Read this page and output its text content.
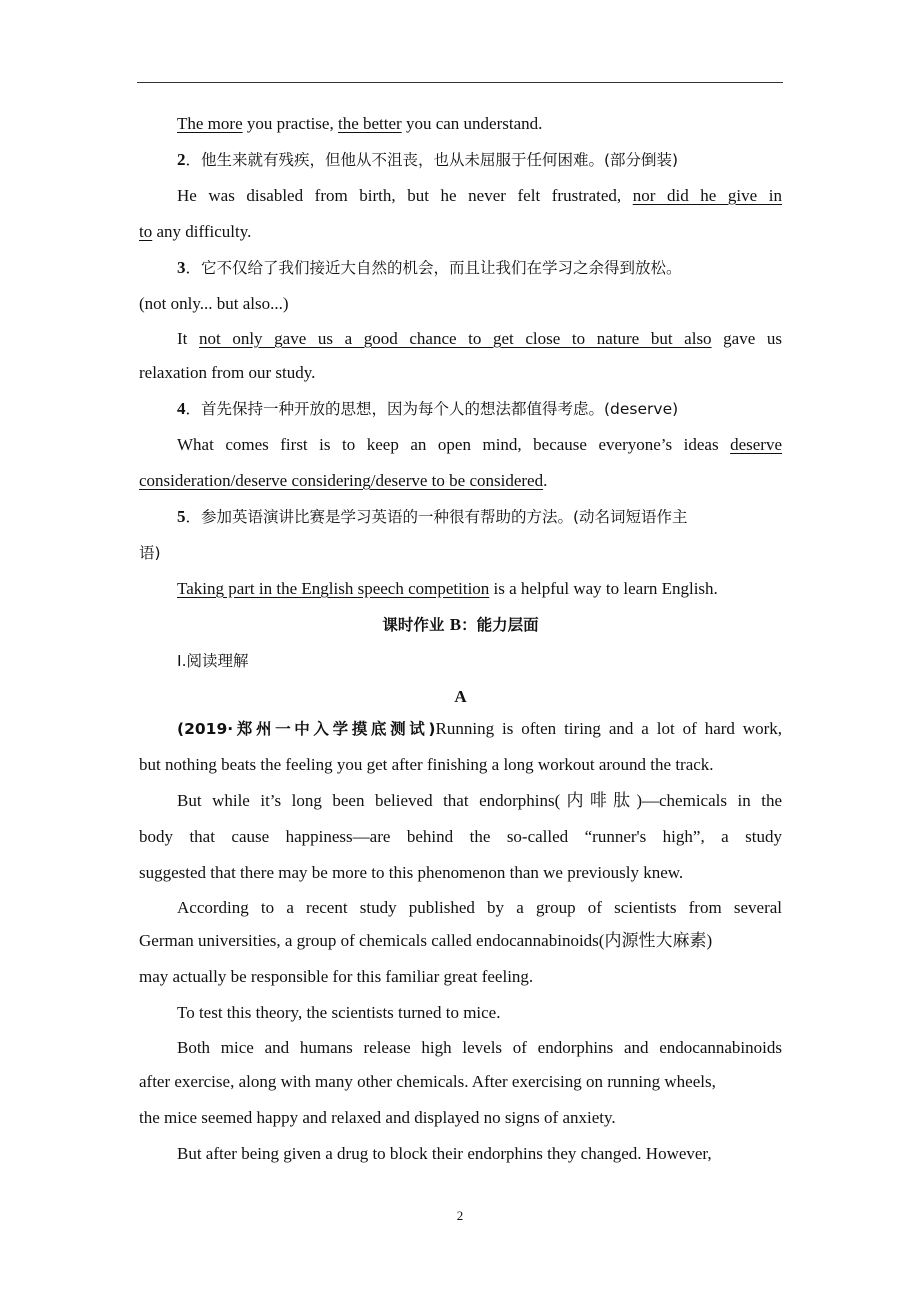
The more you practise, the better you can understand.
2．他生来就有残疾，但他从不沮丧，也从未屈服于任何困难。(部分倒装)
He was disabled from birth, but he never felt frustrated, nor did he give in
to any difficulty.
3．它不仅给了我们接近大自然的机会，而且让我们在学习之余得到放松。
(not only... but also...)
It not only gave us a good chance to get close to nature but also gave us
relaxation from our study.
4．首先保持一种开放的思想，因为每个人的想法都值得考虑。(deserve)
What comes first is to keep an open mind, because everyone’s ideas deserve
consideration/deserve considering/deserve to be considered.
5．参加英语演讲比赛是学习英语的一种很有帮助的方法。(动名词短语作主
语)
Taking part in the English speech competition is a helpful way to learn English.
课时作业 B：能力层面
Ⅰ.阅读理解
A
(2019·郑州一中入学摸底测试)Running is often tiring and a lot of hard work,
but nothing beats the feeling you get after finishing a long workout around the track.
But while it’s long been believed that endorphins(内啡肽)—chemicals in the
body that cause happiness—are behind the so-called “runner's high”, a study
suggested that there may be more to this phenomenon than we previously knew.
According to a recent study published by a group of scientists from several
German universities, a group of chemicals called endocannabinoids(内源性大麻素)
may actually be responsible for this familiar great feeling.
To test this theory, the scientists turned to mice.
Both mice and humans release high levels of endorphins and endocannabinoids
after exercise, along with many other chemicals. After exercising on running wheels,
the mice seemed happy and relaxed and displayed no signs of anxiety.
But after being given a drug to block their endorphins they changed. However,
2
